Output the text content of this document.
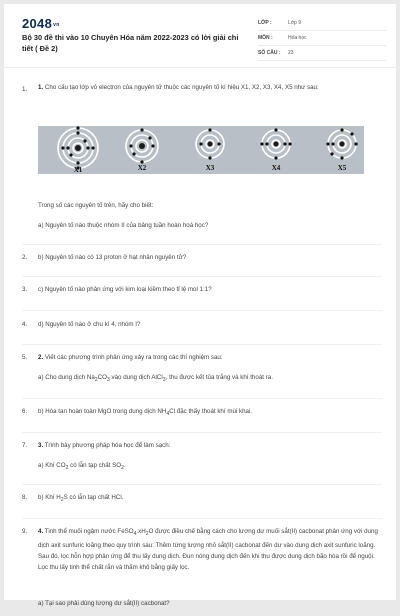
2048vn
Bộ 30 đề thi vào 10 Chuyên Hóa năm 2022-2023 có lời giải chi tiết ( Đề 2)
LỚP :	Lớp 9
MÔN :	Hóa học
SỐ CÂU :	23
1. 1. Cho cấu tạo lớp vỏ electron của nguyên tử thuộc các nguyên tố kí hiệu X1, X2, X3, X4, X5 như sau:
X1	X2	X3	X4	X5
Trong số các nguyên tố trên, hãy cho biết:
a) Nguyên tố nào thuộc nhóm II của bảng tuần hoàn hoá học?
2. b) Nguyên tố nào có 13 proton ở hạt nhân nguyên tử?
3. c) Nguyên tố nào phản ứng với kim loại kiềm theo tỉ lệ mol 1:1?
4. d) Nguyên tố nào ở chu kì 4, nhóm I?
5. 2. Viết các phương trình phản ứng xảy ra trong các thí nghiệm sau:
a) Cho dung dịch $Na_2CO_3$ vào dung dịch AlCl$_3$, thu được kết tủa trắng và khí thoát ra.
6. b) Hòa tan hoàn toàn MgO trong dung dịch $NH_4Cl$ đặc thấy thoát khí mùi khai.
7. 3. Trình bày phương pháp hóa học để làm sạch:
a) Khí $CO_2$ có lẫn tạp chất $SO_2$.
8. b) Khí $H_2S$ có lẫn tạp chất HCl.
9. 4. Tinh thể muối ngậm nước $FeSO_4.xH_2O$ được điều chế bằng cách cho lượng dư muối sắt(II) cacbonat phản ứng với dung dịch axit sunfuric loãng theo quy trình sau: Thêm từng lượng nhỏ sắt(II) cacbonat đến dư vào dung dịch axit sunfuric loãng. Sau đó, lọc hỗn hợp phản ứng để thu lấy dung dịch. Đun nóng dung dịch đến khi thu được dung dịch bão hòa rồi để nguội. Lọc thu lấy tinh thể chất rắn và thấm khô bằng giấy lọc.
a) Tại sao phải dùng lượng dư sắt(II) cacbonat?
